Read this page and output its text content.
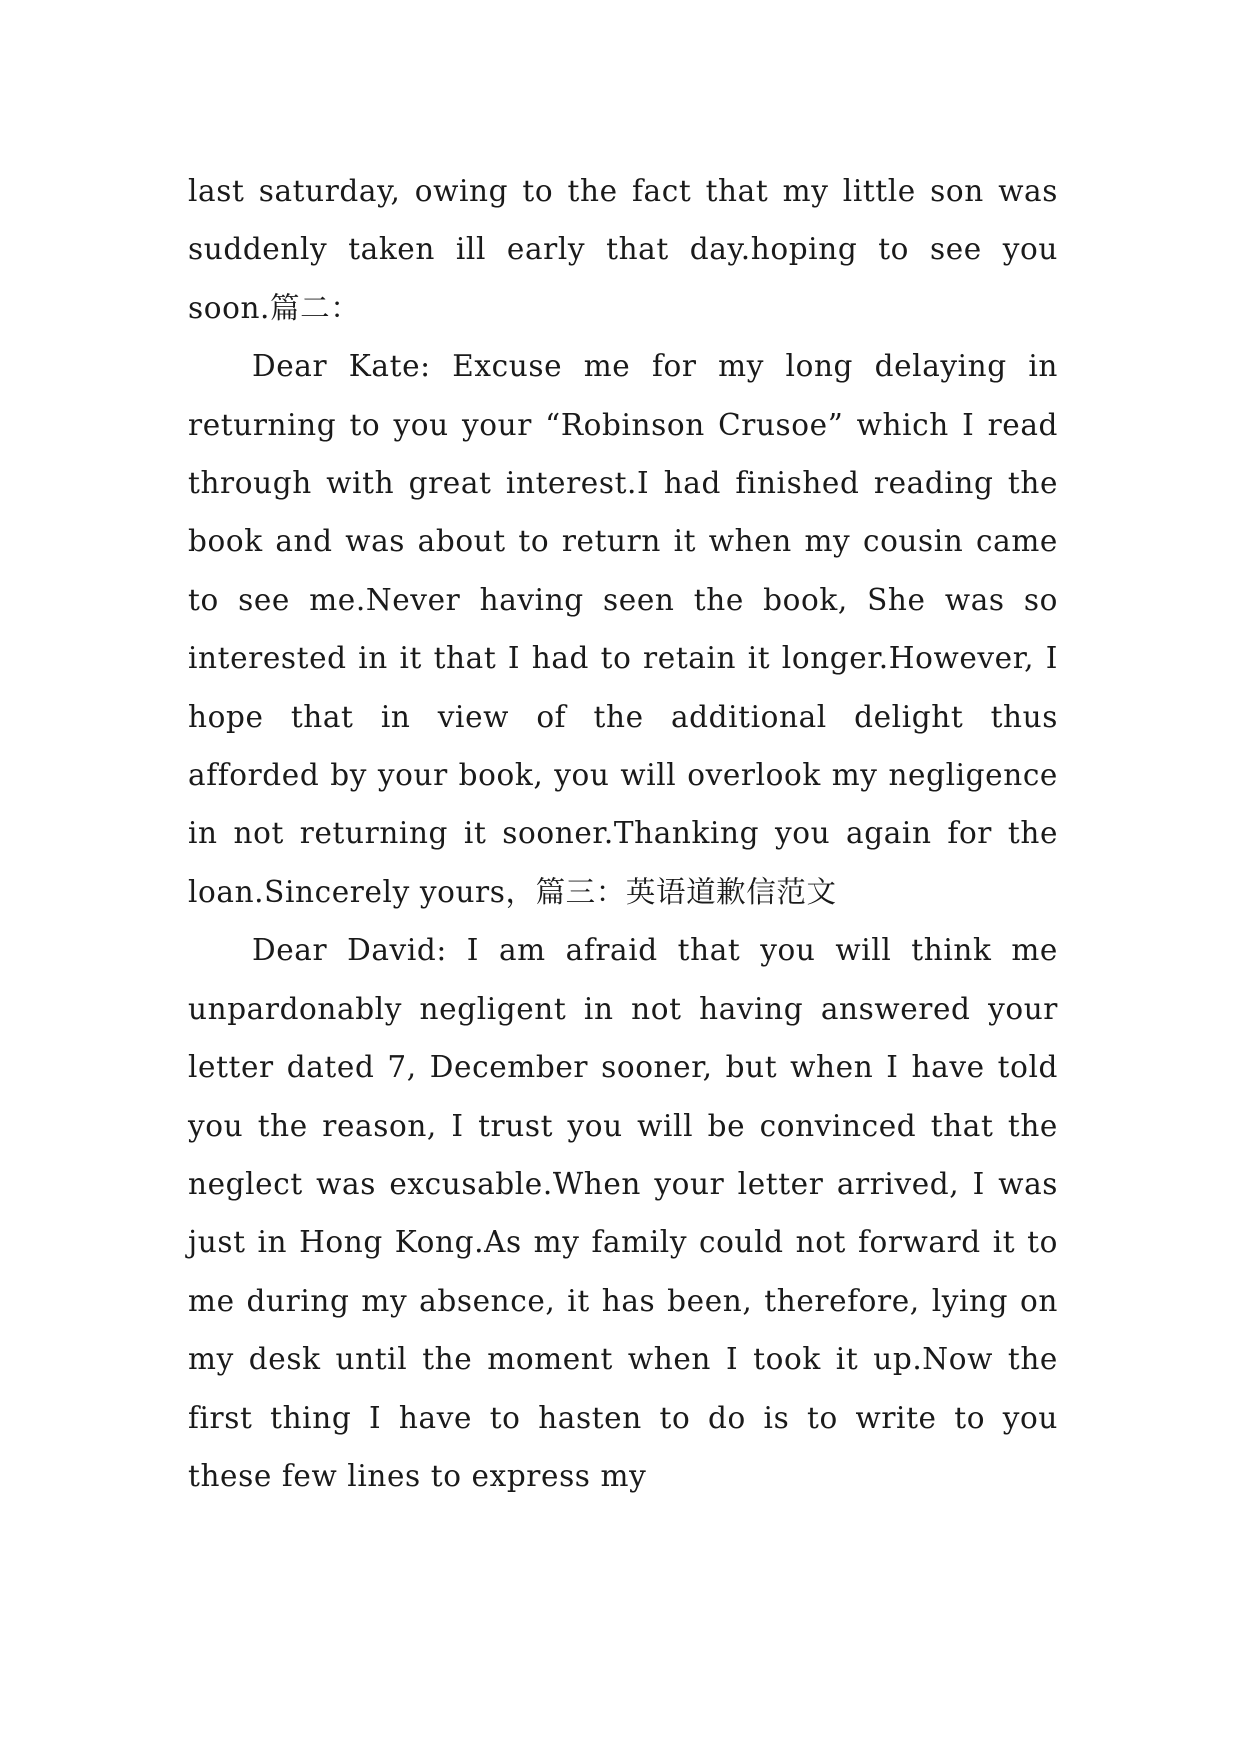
last saturday, owing to the fact that my little son was suddenly taken ill early that day.hoping to see you soon.篇二：

Dear Kate: Excuse me for my long delaying in returning to you your “Robinson Crusoe” which I read through with great interest.I had finished reading the book and was about to return it when my cousin came to see me.Never having seen the book, She was so interested in it that I had to retain it longer.However, I hope that in view of the additional delight thus afforded by your book, you will overlook my negligence in not returning it sooner.Thanking you again for the loan.Sincerely yours，篇三：英语道歉信范文

Dear David: I am afraid that you will think me unpardonably negligent in not having answered your letter dated 7, December sooner, but when I have told you the reason, I trust you will be convinced that the neglect was excusable.When your letter arrived, I was just in Hong Kong.As my family could not forward it to me during my absence, it has been, therefore, lying on my desk until the moment when I took it up.Now the first thing I have to hasten to do is to write to you these few lines to express my
